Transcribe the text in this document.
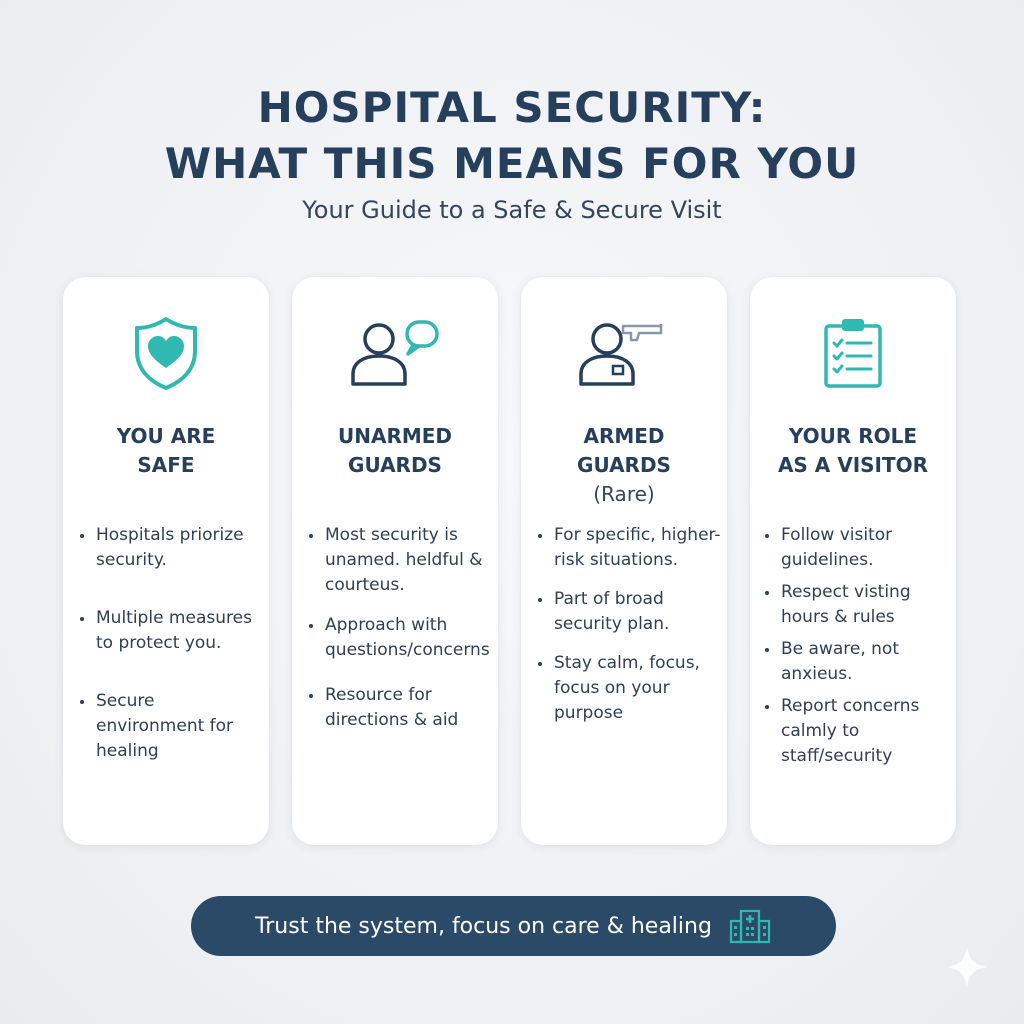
HOSPITAL SECURITY:
WHAT THIS MEANS FOR YOU
Your Guide to a Safe & Secure Visit
YOU ARE
SAFE
Hospitals priorize security.
Multiple measures to protect you.
Secure environment for healing
UNARMED
GUARDS
Most security is unamed. heldful & courteus.
Approach with questions/concerns
Resource for directions & aid
ARMED
GUARDS
(Rare)
For specific, higher-risk situations.
Part of broad security plan.
Stay calm, focus, focus on your purpose
YOUR ROLE
AS A VISITOR
Follow visitor guidelines.
Respect visting hours & rules
Be aware, not anxieus.
Report concerns calmly to staff/security
Trust the system, focus on care & healing
